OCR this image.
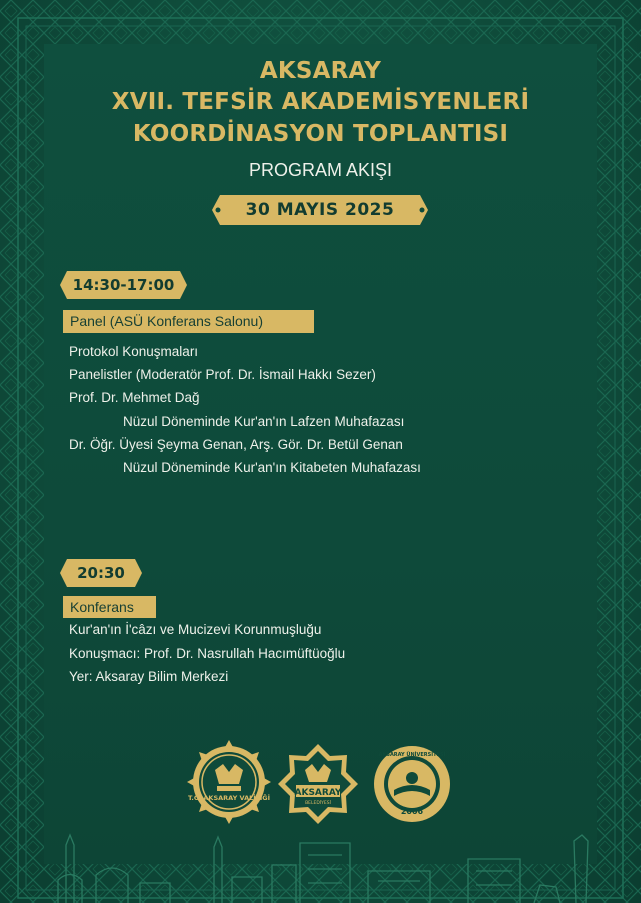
AKSARAY
XVII. TEFSİR AKADEMİSYENLERİ
KOORDİNASYON TOPLANTISI
PROGRAM AKIŞI
30 MAYIS 2025
14:30-17:00
Panel (ASÜ Konferans Salonu)
Protokol Konuşmaları
Panelistler (Moderatör Prof. Dr. İsmail Hakkı Sezer)
Prof. Dr. Mehmet Dağ
Nüzul Döneminde Kur'an'ın Lafzen Muhafazası
Dr. Öğr. Üyesi Şeyma Genan, Arş. Gör. Dr. Betül Genan
Nüzul Döneminde Kur'an'ın Kitabeten Muhafazası
20:30
Konferans
Kur'an'ın İ'câzı ve Mucizevi Korunmuşluğu
Konuşmacı: Prof. Dr. Nasrullah Hacımüftüoğlu
Yer: Aksaray Bilim Merkezi
T.C. AKSARAY VALİLİĞİ	AKSARAY
BELEDİYESİ
2006
AKSARAY ÜNİVERSİTESİ
